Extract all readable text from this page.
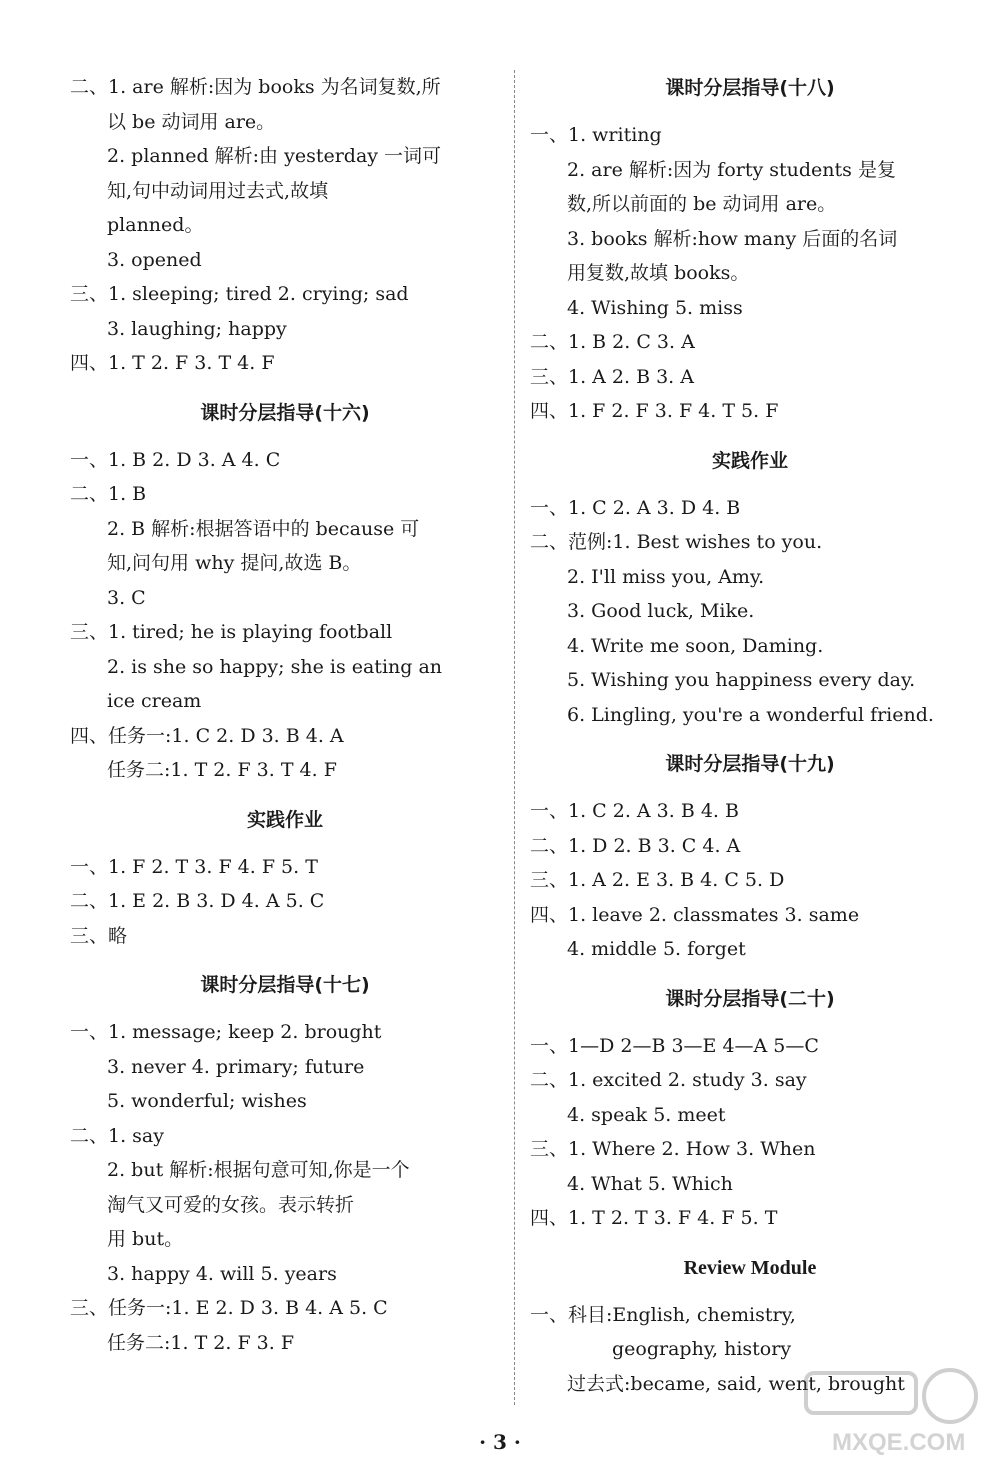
二、1. are 解析:因为 books 为名词复数,所
以 be 动词用 are。
2. planned 解析:由 yesterday 一词可
知,句中动词用过去式,故填
planned。
3. opened
三、1. sleeping; tired 2. crying; sad
3. laughing; happy
四、1. T 2. F 3. T 4. F
课时分层指导(十六)
一、1. B 2. D 3. A 4. C
二、1. B
2. B 解析:根据答语中的 because 可
知,问句用 why 提问,故选 B。
3. C
三、1. tired; he is playing football
2. is she so happy; she is eating an
ice cream
四、任务一:1. C 2. D 3. B 4. A
任务二:1. T 2. F 3. T 4. F
实践作业
一、1. F 2. T 3. F 4. F 5. T
二、1. E 2. B 3. D 4. A 5. C
三、略
课时分层指导(十七)
一、1. message; keep 2. brought
3. never 4. primary; future
5. wonderful; wishes
二、1. say
2. but 解析:根据句意可知,你是一个
淘气又可爱的女孩。表示转折
用 but。
3. happy 4. will 5. years
三、任务一:1. E 2. D 3. B 4. A 5. C
任务二:1. T 2. F 3. F
课时分层指导(十八)
一、1. writing
2. are 解析:因为 forty students 是复
数,所以前面的 be 动词用 are。
3. books 解析:how many 后面的名词
用复数,故填 books。
4. Wishing 5. miss
二、1. B 2. C 3. A
三、1. A 2. B 3. A
四、1. F 2. F 3. F 4. T 5. F
实践作业
一、1. C 2. A 3. D 4. B
二、范例:1. Best wishes to you.
2. I'll miss you, Amy.
3. Good luck, Mike.
4. Write me soon, Daming.
5. Wishing you happiness every day.
6. Lingling, you're a wonderful friend.
课时分层指导(十九)
一、1. C 2. A 3. B 4. B
二、1. D 2. B 3. C 4. A
三、1. A 2. E 3. B 4. C 5. D
四、1. leave 2. classmates 3. same
4. middle 5. forget
课时分层指导(二十)
一、1—D 2—B 3—E 4—A 5—C
二、1. excited 2. study 3. say
4. speak 5. meet
三、1. Where 2. How 3. When
4. What 5. Which
四、1. T 2. T 3. F 4. F 5. T
Review Module
一、科目:English, chemistry,
geography, history
过去式:became, said, went, brought
· 3 ·	MXQE.COM
